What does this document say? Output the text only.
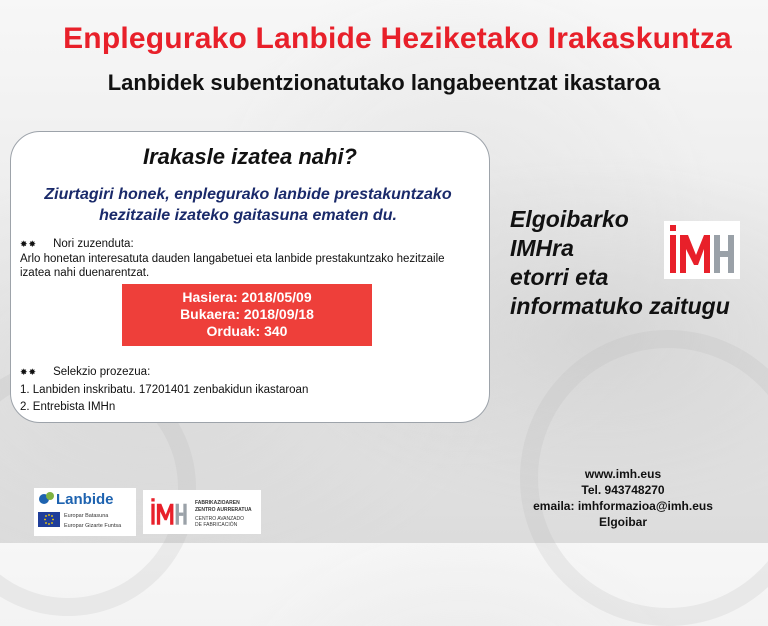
Enplegurako Lanbide Heziketako Irakaskuntza
Lanbidek subentzionatutako langabeentzat ikastaroa
Irakasle izatea nahi?
Ziurtagiri honek, enplegurako lanbide prestakuntzako
hezitzaile izateko gaitasuna ematen du.
✸✸ Nori zuzenduta:
Arlo honetan interesatuta dauden langabetuei eta lanbide prestakuntzako hezitzaile
izatea nahi duenarentzat.
Hasiera: 2018/05/09
Bukaera: 2018/09/18
Orduak: 340
✸✸ Selekzio prozezua:
1. Lanbiden inskribatu. 17201401 zenbakidun ikastaroan
2. Entrebista IMHn
Elgoibarko
IMHra
etorri eta
informatuko zaitugu
www.imh.eus
Tel. 943748270
emaila: imhformazioa@imh.eus
Elgoibar
Lanbide
Europar Batasuna
Europar Gizarte Funtsa
FABRIKAZIOAREN
ZENTRO AURRERATUA
CENTRO AVANZADO
DE FABRICACIÓN
